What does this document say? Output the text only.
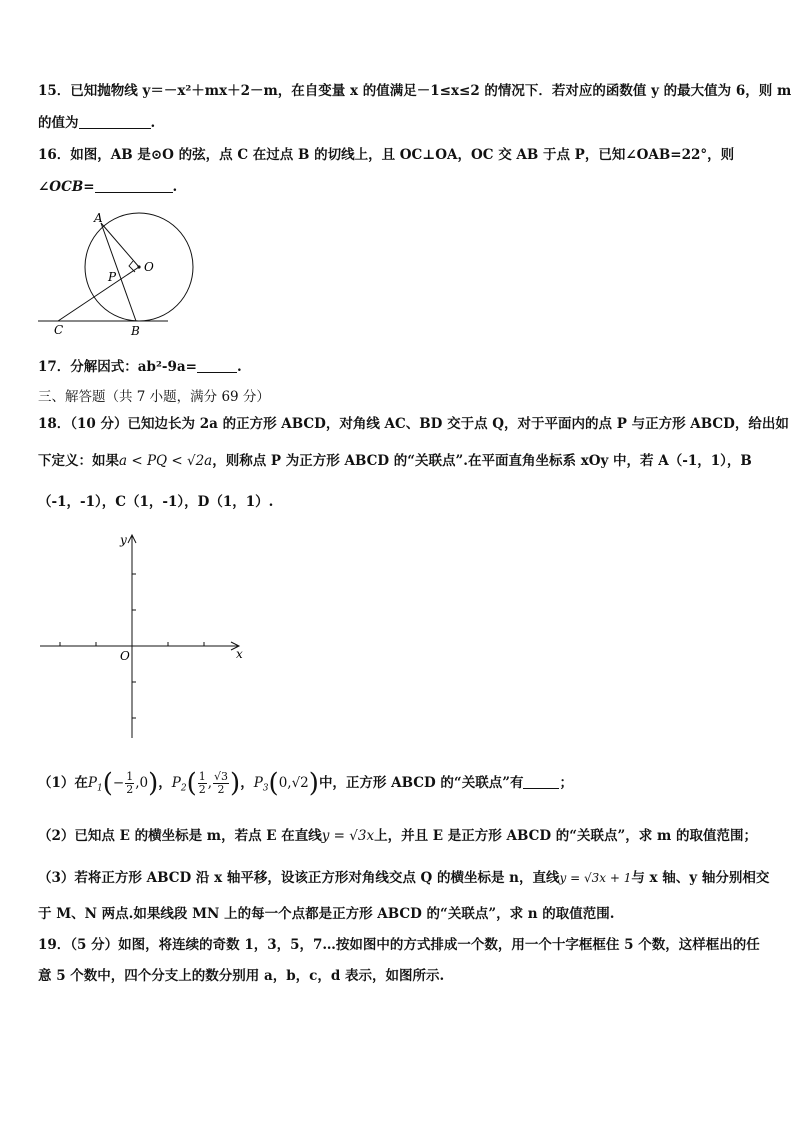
15．已知抛物线 y＝－x²＋mx＋2－m，在自变量 x 的值满足－1≤x≤2 的情况下．若对应的函数值 y 的最大值为 6，则 m
的值为	.
16．如图，AB 是⊙O 的弦，点 C 在过点 B 的切线上，且 OC⊥OA，OC 交 AB 于点 P，已知∠OAB=22°，则
∠OCB=	.
A
O
P
C	B
17．分解因式：ab²-9a=	.
三、解答题（共 7 小题，满分 69 分）
18．（10 分）已知边长为 2a 的正方形 ABCD，对角线 AC、BD 交于点 Q，对于平面内的点 P 与正方形 ABCD，给出如
下定义：如果a < PQ < √2a，则称点 P 为正方形 ABCD 的“关联点”.在平面直角坐标系 xOy 中，若 A（-1，1），B
（-1，-1），C（1，-1），D（1，1）.
x
y
O
（1）在$P_1(- \frac{1}{2} ,0)$，$P_2( \frac{1}{2}$ , $\frac{√3}{2}$ )，$P_3(0,√2)$中，正方形 ABCD 的“关联点”有	；
（2）已知点 E 的横坐标是 m，若点 E 在直线y = √3x上，并且 E 是正方形 ABCD 的“关联点”，求 m 的取值范围；
（3）若将正方形 ABCD 沿 x 轴平移，设该正方形对角线交点 Q 的横坐标是 n，直线y = √3x + 1与 x 轴、y 轴分别相交
于 M、N 两点.如果线段 MN 上的每一个点都是正方形 ABCD 的“关联点”，求 n 的取值范围.
19．（5 分）如图，将连续的奇数 1，3，5，7…按如图中的方式排成一个数，用一个十字框框住 5 个数，这样框出的任
意 5 个数中，四个分支上的数分别用 a，b，c，d 表示，如图所示.
